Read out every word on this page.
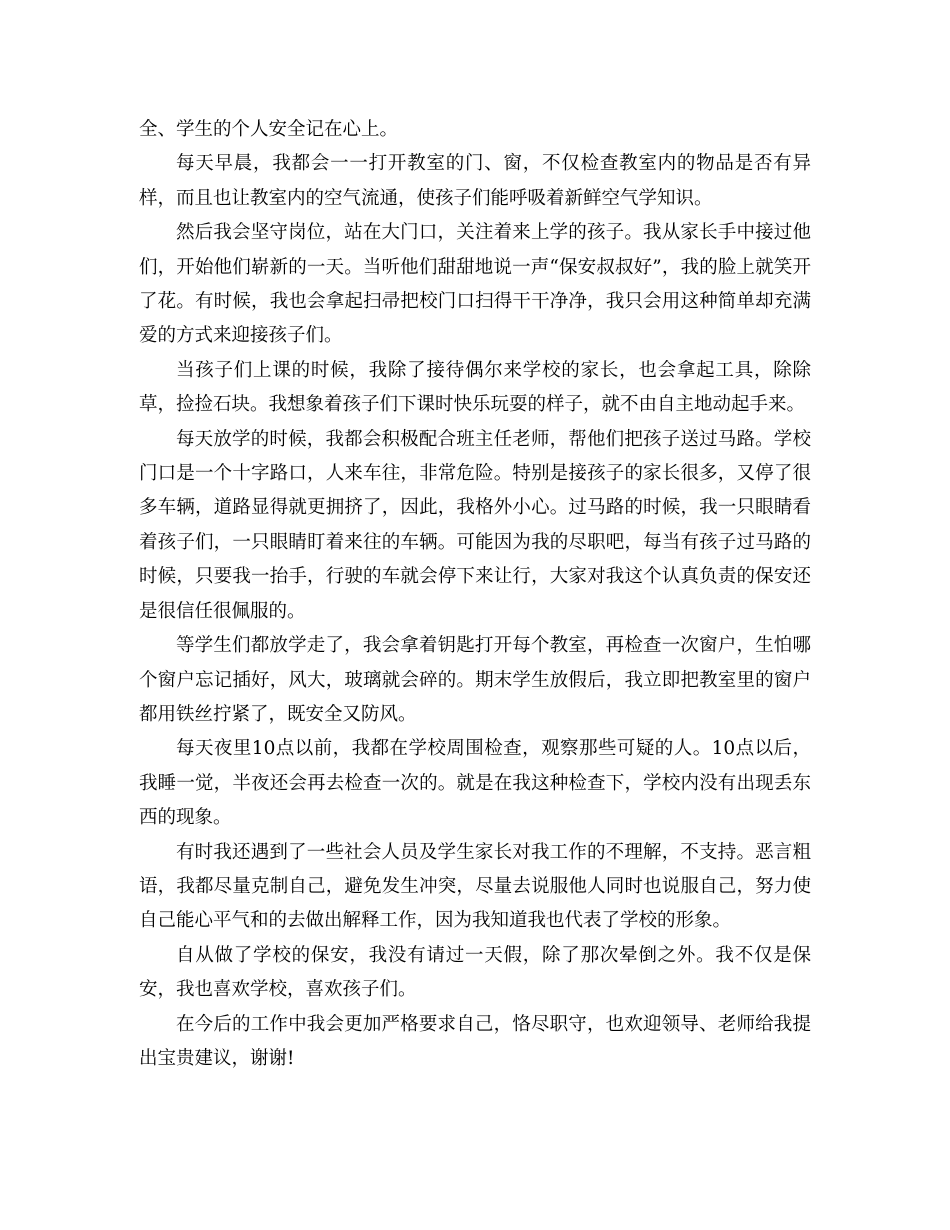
全、学生的个人安全记在心上。

每天早晨，我都会一一打开教室的门、窗，不仅检查教室内的物品是否有异样，而且也让教室内的空气流通，使孩子们能呼吸着新鲜空气学知识。

然后我会坚守岗位，站在大门口，关注着来上学的孩子。我从家长手中接过他们，开始他们崭新的一天。当听他们甜甜地说一声“保安叔叔好”，我的脸上就笑开了花。有时候，我也会拿起扫帚把校门口扫得干干净净，我只会用这种简单却充满爱的方式来迎接孩子们。

当孩子们上课的时候，我除了接待偶尔来学校的家长，也会拿起工具，除除草，捡捡石块。我想象着孩子们下课时快乐玩耍的样子，就不由自主地动起手来。

每天放学的时候，我都会积极配合班主任老师，帮他们把孩子送过马路。学校门口是一个十字路口，人来车往，非常危险。特别是接孩子的家长很多，又停了很多车辆，道路显得就更拥挤了，因此，我格外小心。过马路的时候，我一只眼睛看着孩子们，一只眼睛盯着来往的车辆。可能因为我的尽职吧，每当有孩子过马路的时候，只要我一抬手，行驶的车就会停下来让行，大家对我这个认真负责的保安还是很信任很佩服的。

等学生们都放学走了，我会拿着钥匙打开每个教室，再检查一次窗户，生怕哪个窗户忘记插好，风大，玻璃就会碎的。期末学生放假后，我立即把教室里的窗户都用铁丝拧紧了，既安全又防风。

每天夜里10点以前，我都在学校周围检查，观察那些可疑的人。10点以后，我睡一觉，半夜还会再去检查一次的。就是在我这种检查下，学校内没有出现丢东西的现象。

有时我还遇到了一些社会人员及学生家长对我工作的不理解，不支持。恶言粗语，我都尽量克制自己，避免发生冲突，尽量去说服他人同时也说服自己，努力使自己能心平气和的去做出解释工作，因为我知道我也代表了学校的形象。

自从做了学校的保安，我没有请过一天假，除了那次晕倒之外。我不仅是保安，我也喜欢学校，喜欢孩子们。

在今后的工作中我会更加严格要求自己，恪尽职守，也欢迎领导、老师给我提出宝贵建议，谢谢!
